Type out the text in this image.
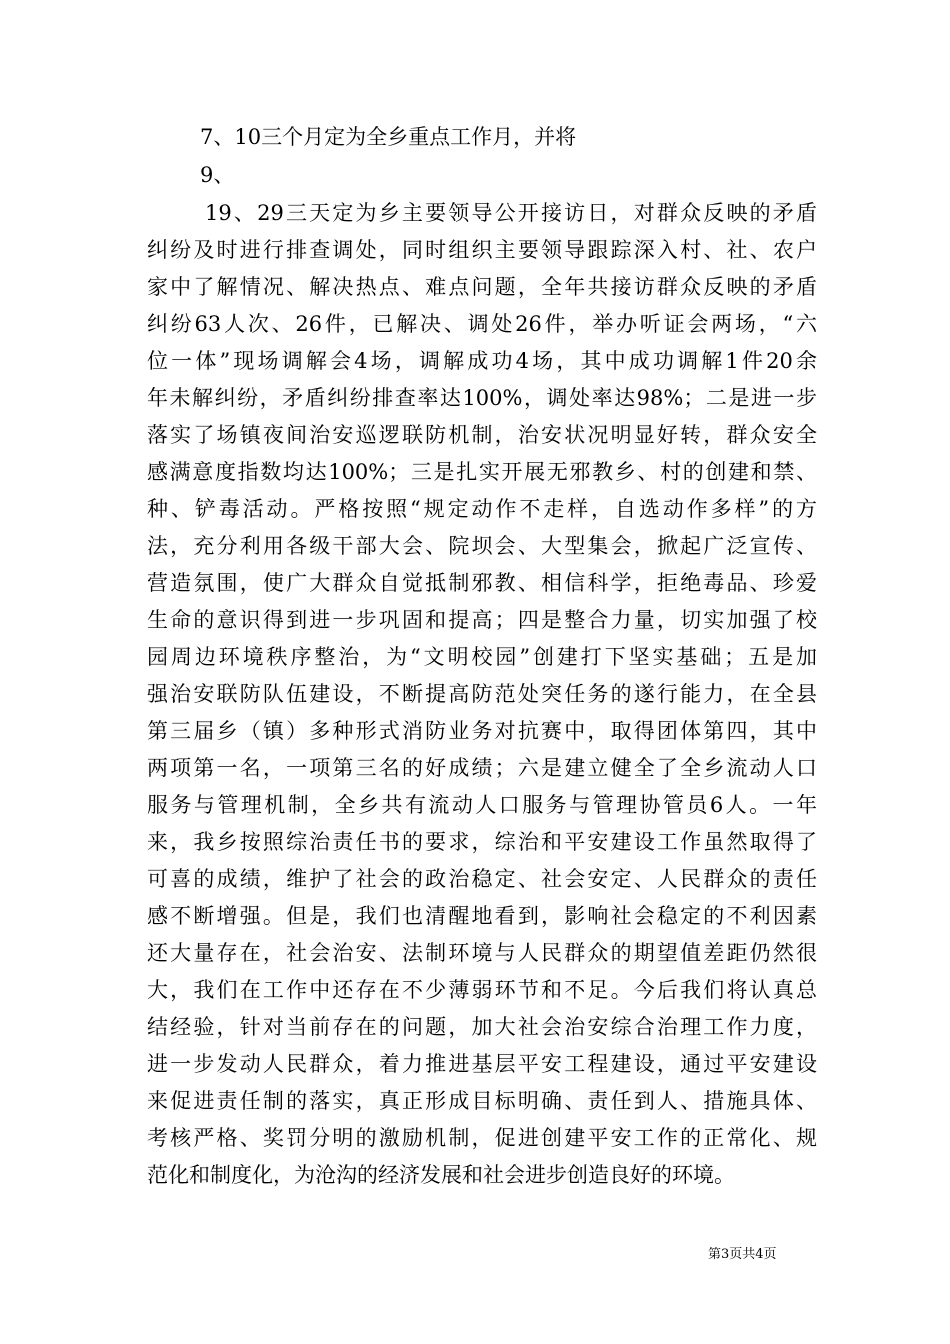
7、10三个月定为全乡重点工作月，并将
9、
19、29三天定为乡主要领导公开接访日，对群众反映的矛盾
纠纷及时进行排查调处，同时组织主要领导跟踪深入村、社、农户
家中了解情况、解决热点、难点问题，全年共接访群众反映的矛盾
纠纷63人次、26件，已解决、调处26件，举办听证会两场，“六
位一体”现场调解会4场，调解成功4场，其中成功调解1件20余
年未解纠纷，矛盾纠纷排查率达100%，调处率达98%；二是进一步
落实了场镇夜间治安巡逻联防机制，治安状况明显好转，群众安全
感满意度指数均达100%；三是扎实开展无邪教乡、村的创建和禁、
种、铲毒活动。严格按照“规定动作不走样，自选动作多样”的方
法，充分利用各级干部大会、院坝会、大型集会，掀起广泛宣传、
营造氛围，使广大群众自觉抵制邪教、相信科学，拒绝毒品、珍爱
生命的意识得到进一步巩固和提高；四是整合力量，切实加强了校
园周边环境秩序整治，为“文明校园”创建打下坚实基础；五是加
强治安联防队伍建设，不断提高防范处突任务的遂行能力，在全县
第三届乡（镇）多种形式消防业务对抗赛中，取得团体第四，其中
两项第一名，一项第三名的好成绩；六是建立健全了全乡流动人口
服务与管理机制，全乡共有流动人口服务与管理协管员6人。一年
来，我乡按照综治责任书的要求，综治和平安建设工作虽然取得了
可喜的成绩，维护了社会的政治稳定、社会安定、人民群众的责任
感不断增强。但是，我们也清醒地看到，影响社会稳定的不利因素
还大量存在，社会治安、法制环境与人民群众的期望值差距仍然很
大，我们在工作中还存在不少薄弱环节和不足。今后我们将认真总
结经验，针对当前存在的问题，加大社会治安综合治理工作力度，
进一步发动人民群众，着力推进基层平安工程建设，通过平安建设
来促进责任制的落实，真正形成目标明确、责任到人、措施具体、
考核严格、奖罚分明的激励机制，促进创建平安工作的正常化、规
范化和制度化，为沧沟的经济发展和社会进步创造良好的环境。
第3页共4页
